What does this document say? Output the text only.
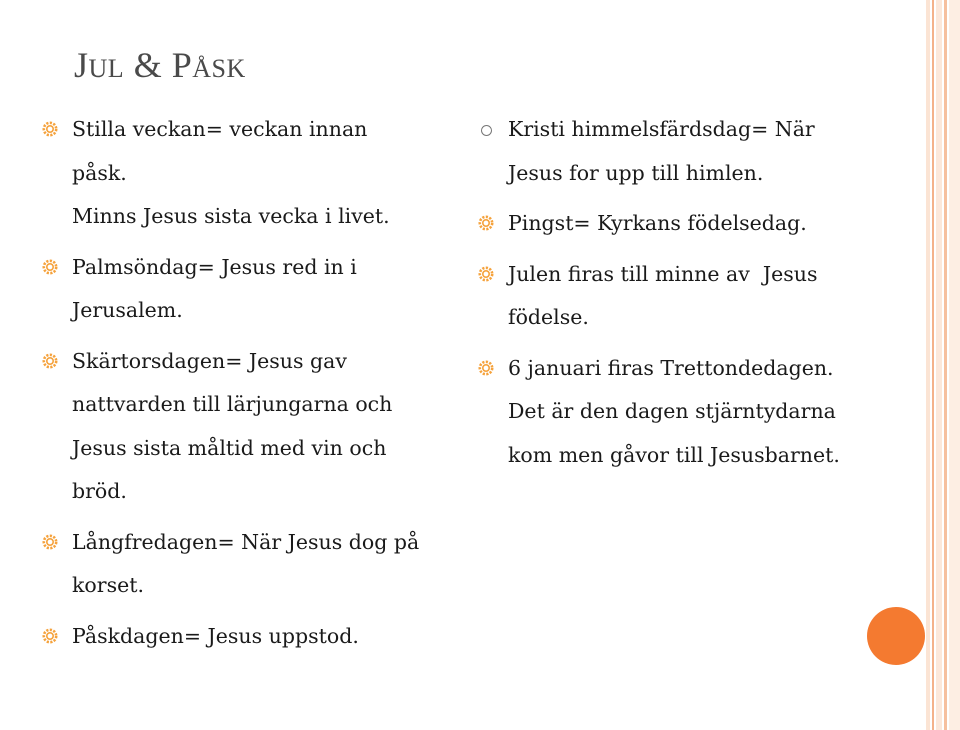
JUL & PÅSK
Stilla veckan= veckan innan
påsk.
Minns Jesus sista vecka i livet.
Palmsöndag= Jesus red in i
Jerusalem.
Skärtorsdagen= Jesus gav
nattvarden till lärjungarna och
Jesus sista måltid med vin och
bröd.
Långfredagen= När Jesus dog på
korset.
Påskdagen= Jesus uppstod.
Kristi himmelsfärdsdag= När
Jesus for upp till himlen.
Pingst= Kyrkans födelsedag.
Julen firas till minne av  Jesus
födelse.
6 januari firas Trettondedagen.
Det är den dagen stjärntydarna
kom men gåvor till Jesusbarnet.
